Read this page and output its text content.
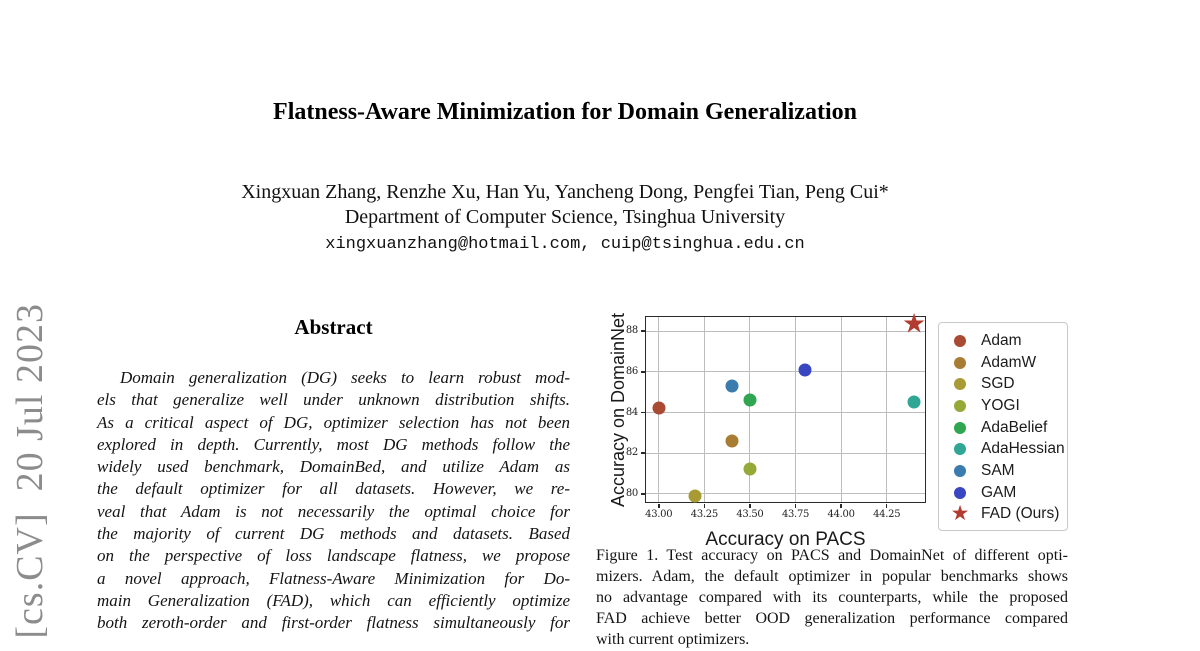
[cs.CV]  20 Jul 2023
Flatness-Aware Minimization for Domain Generalization
Xingxuan Zhang, Renzhe Xu, Han Yu, Yancheng Dong, Pengfei Tian, Peng Cui*
Department of Computer Science, Tsinghua University
xingxuanzhang@hotmail.com, cuip@tsinghua.edu.cn
Abstract
Domain generalization (DG) seeks to learn robust mod-
els that generalize well under unknown distribution shifts.
As a critical aspect of DG, optimizer selection has not been
explored in depth. Currently, most DG methods follow the
widely used benchmark, DomainBed, and utilize Adam as
the default optimizer for all datasets. However, we re-
veal that Adam is not necessarily the optimal choice for
the majority of current DG methods and datasets. Based
on the perspective of loss landscape flatness, we propose
a novel approach, Flatness-Aware Minimization for Do-
main Generalization (FAD), which can efficiently optimize
both zeroth-order and first-order flatness simultaneously for
43.00	43.25	43.50	43.75	44.00	44.25
80
82
84
86
88
Accuracy on PACS
Accuracy on DomainNet	★
Adam
AdamW
SGD
YOGI
AdaBelief
AdaHessian
SAM
GAM
★ FAD (Ours)
Figure 1. Test accuracy on PACS and DomainNet of different opti-
mizers. Adam, the default optimizer in popular benchmarks shows
no advantage compared with its counterparts, while the proposed
FAD achieve better OOD generalization performance compared
with current optimizers.
